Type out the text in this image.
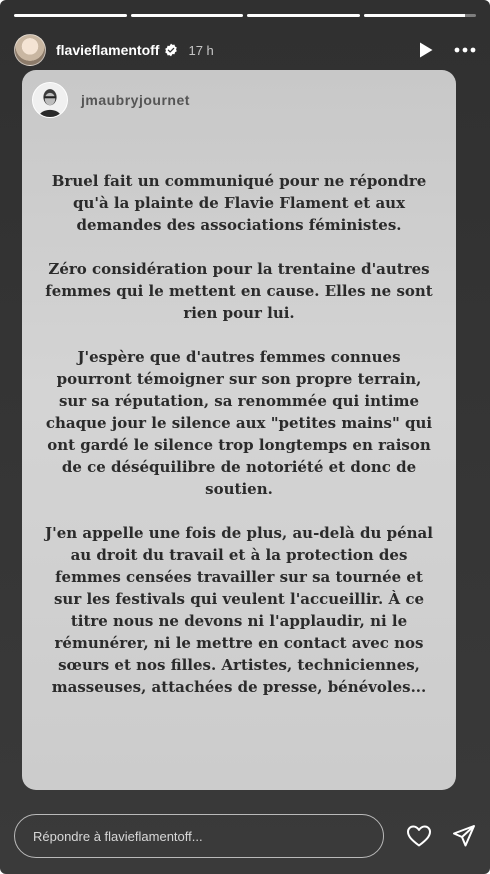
flavieflamentoff 17 h
jmaubryjournet

Bruel fait un communiqué pour ne répondre qu'à la plainte de Flavie Flament et aux demandes des associations féministes.

Zéro considération pour la trentaine d'autres femmes qui le mettent en cause. Elles ne sont rien pour lui.

J'espère que d'autres femmes connues pourront témoigner sur son propre terrain, sur sa réputation, sa renommée qui intime chaque jour le silence aux "petites mains" qui ont gardé le silence trop longtemps en raison de ce déséquilibre de notoriété et donc de soutien.

J'en appelle une fois de plus, au-delà du pénal au droit du travail et à la protection des femmes censées travailler sur sa tournée et sur les festivals qui veulent l'accueillir. À ce titre nous ne devons ni l'applaudir, ni le rémunérer, ni le mettre en contact avec nos sœurs et nos filles. Artistes, techniciennes, masseuses, attachées de presse, bénévoles...

Répondre à flavieflamentoff...
